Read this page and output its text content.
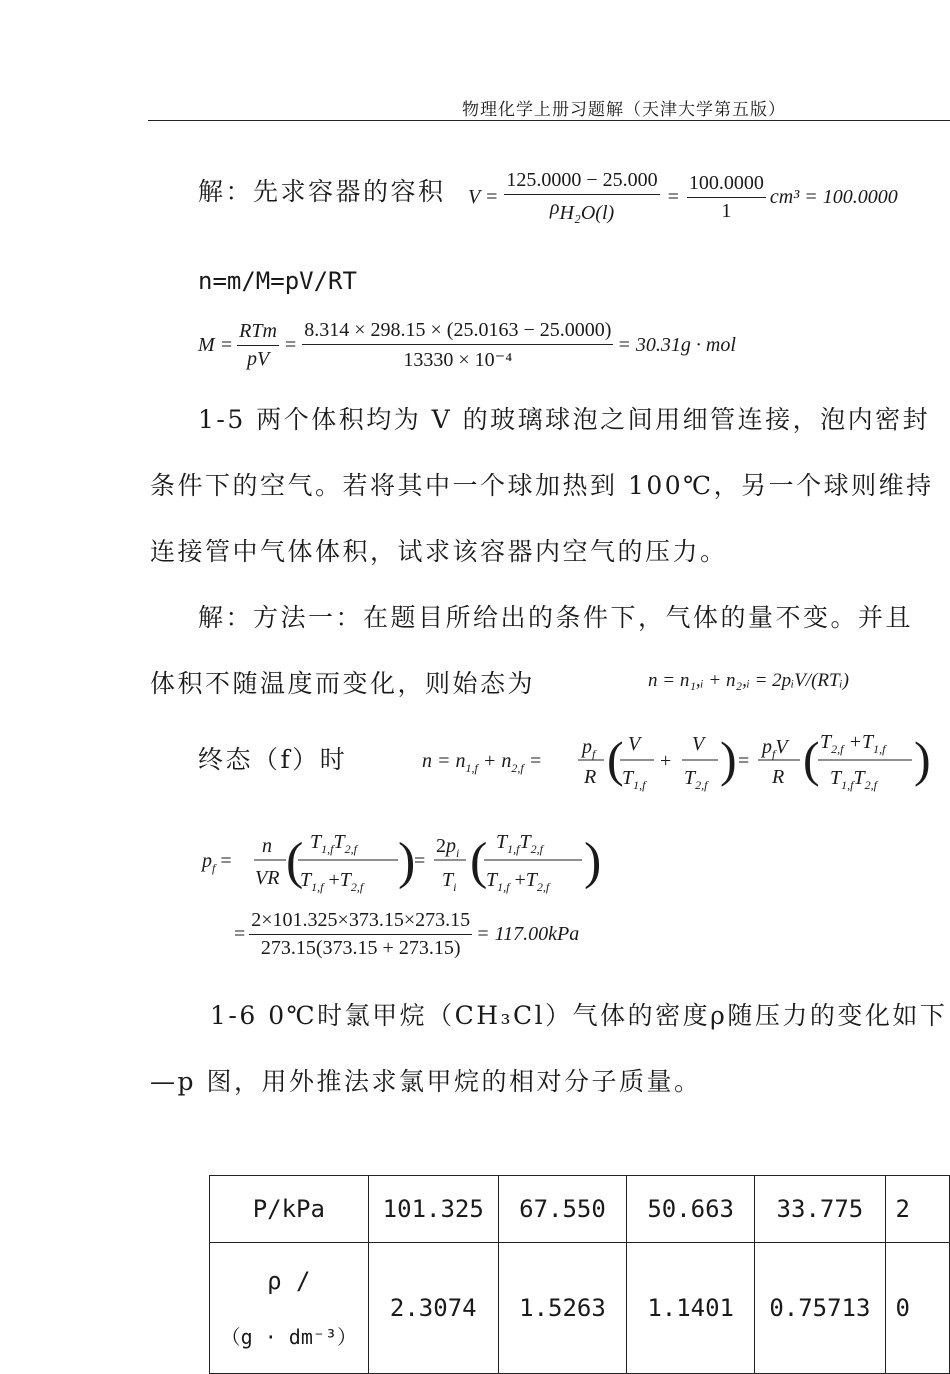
物理化学上册习题解（天津大学第五版）
解：先求容器的容积 $V = \frac{125.0000 - 25.000}{\rho_{H_2O(l)}} = \frac{100.0000}{1} cm^3 = 100.0000$
n=m/M=pV/RT
$M = \frac{\text{RTm}}{pV} = \frac{8.314 \times 298.15 \times (25.0163 - 25.0000)}{\text{13330 × 10⁻⁴}} = 30.31g$ · mol
1-5 两个体积均为 V 的玻璃球泡之间用细管连接，泡内密封
条件下的空气。若将其中一个球加热到 100℃，另一个球则维持
连接管中气体体积，试求该容器内空气的压力。
解：方法一：在题目所给出的条件下，气体的量不变。并且
体积不随温度而变化，则始态为	n = n₁,ᵢ + n₂,ᵢ = 2pᵢV/(RTᵢ)
终态（f）时	$n = n_{1,f} + n_{2,f}$ =
$p_f$
R ( V
$T_{1,f}$
+
V
$T_{2,f}$ ) =
$p_fV$
R ( $T_{2,f} +T_{1,f}$
$T_{1,f}T_{2,f}$ )
$p_f$ =
n
VR ( $T_{1,f}T_{2,f}$
$T_{1,f} +T_{2,f}$ )
=
$2p_i$
$T_i$ ( $T_{1,f}T_{2,f}$
$T_{1,f} +T_{2,f}$ )
= $\frac{2\times 101.325\times 373.15\times 273.15}{273.15(373.15 + 273.15)} = 117.00kPa$
1-6 0℃时氯甲烷（CH₃Cl）气体的密度ρ随压力的变化如下
—p 图，用外推法求氯甲烷的相对分子质量。
P/kPa	101.325	67.550	50.663	33.775	2

ρ /
（g · dm⁻³）	2.3074	1.5263	1.1401	0.75713	0
